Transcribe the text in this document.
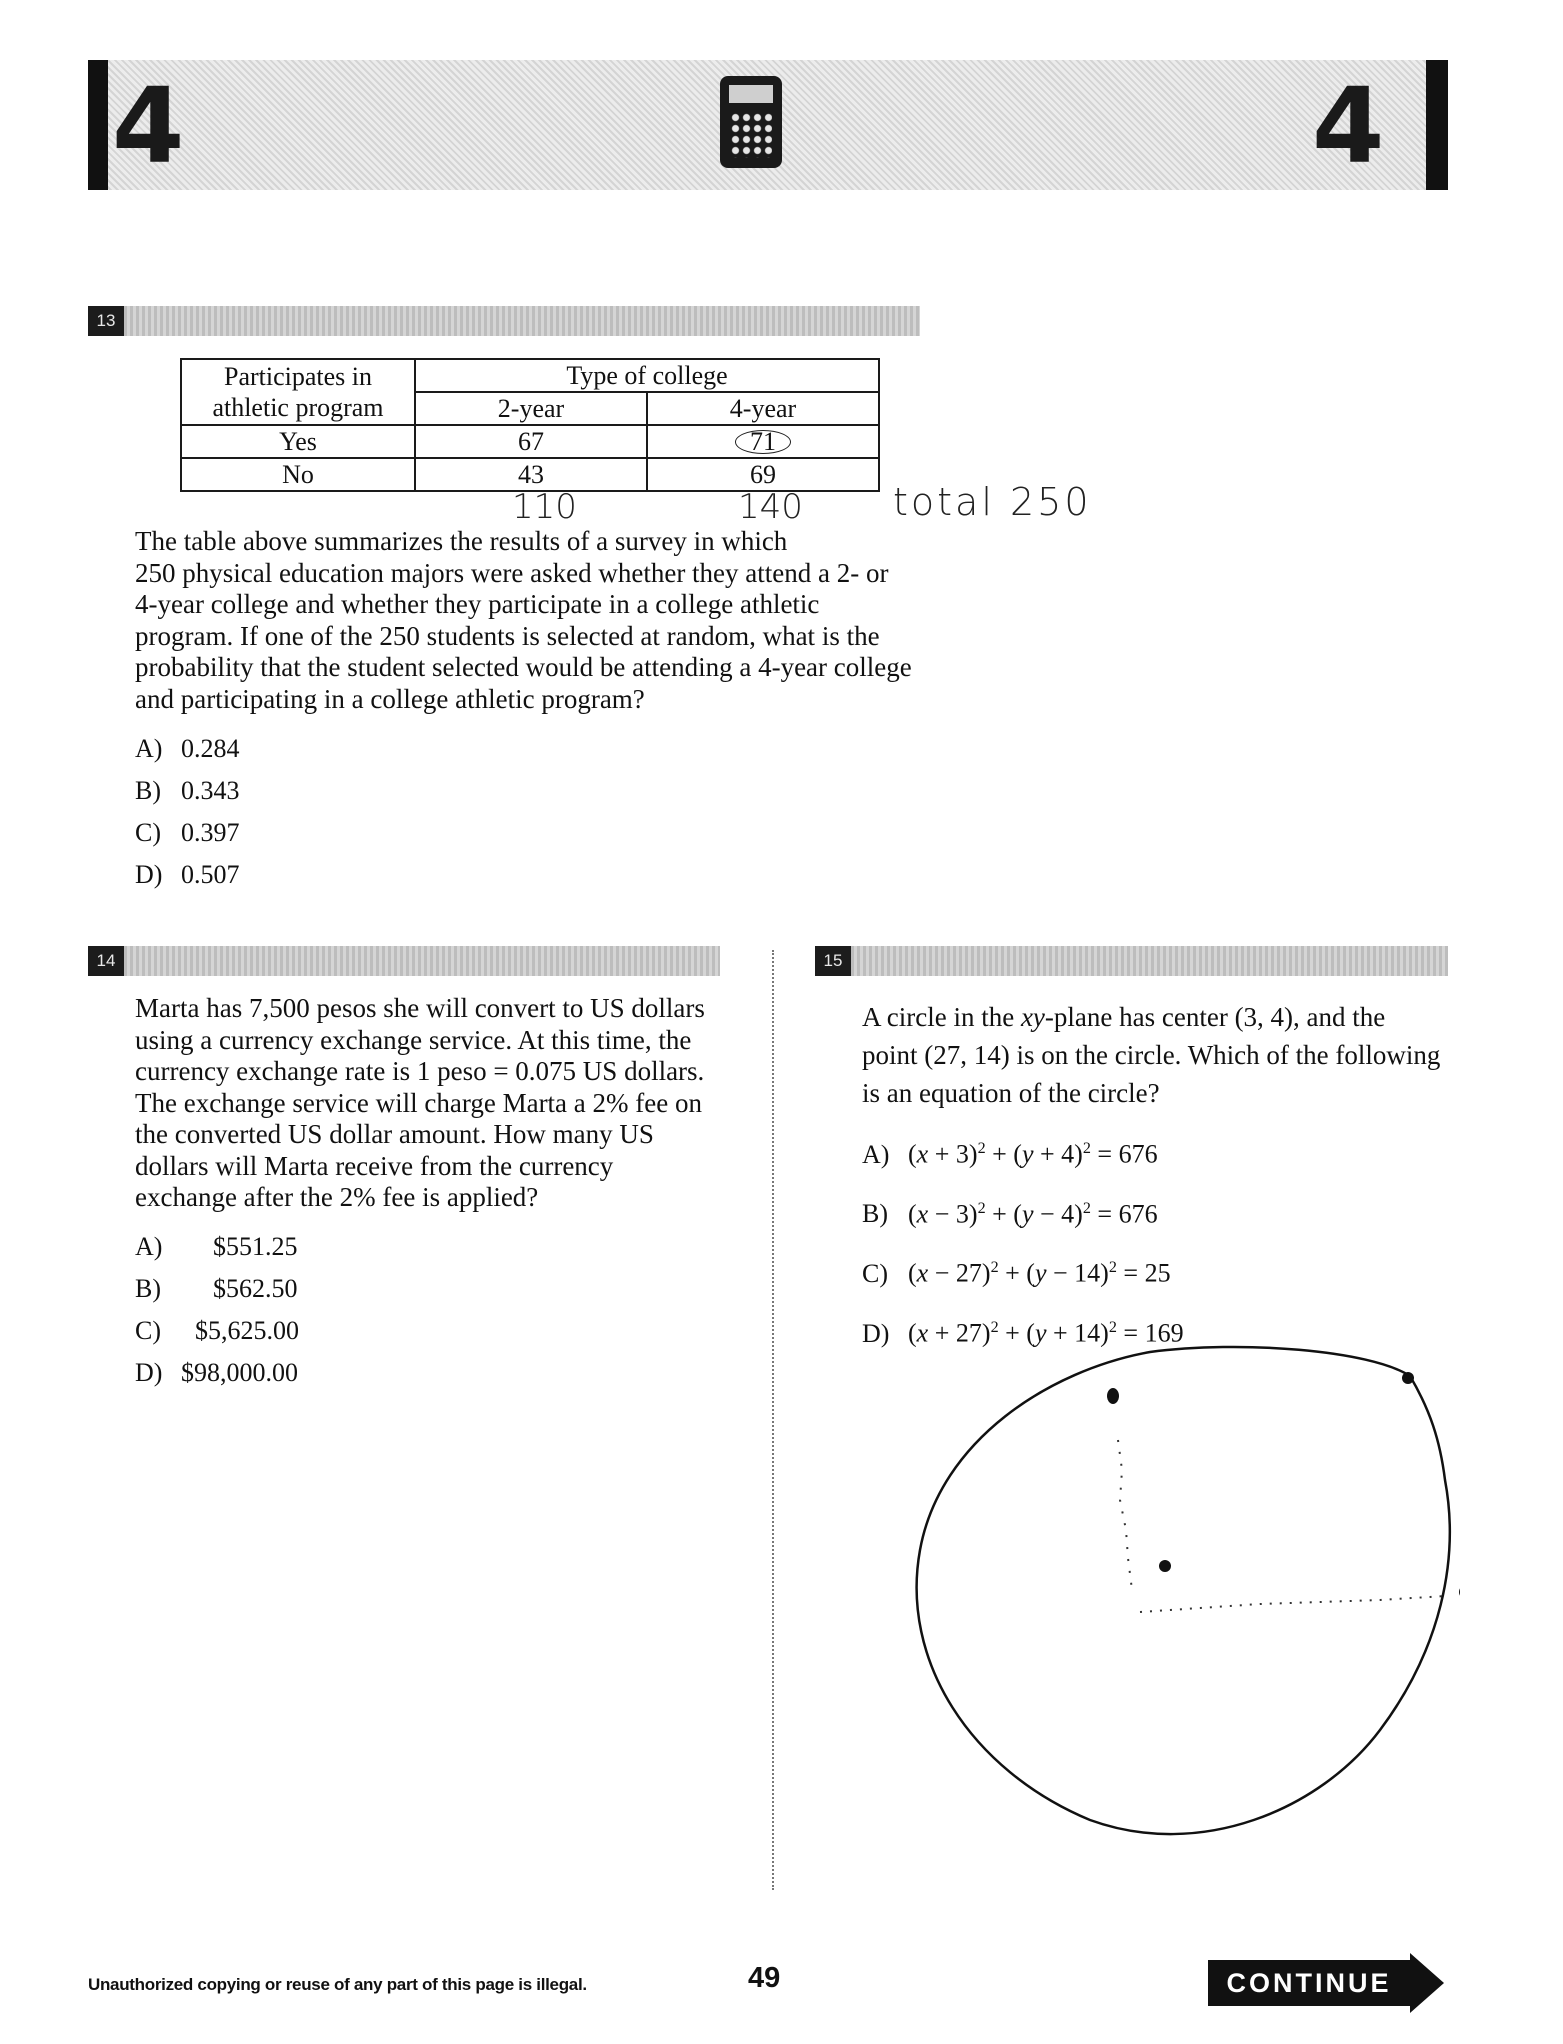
4	4
13
Participates in
athletic program	Type of college	
	2-year	4-year
Yes	67	71
No	43	69
110	140 total 250
The table above summarizes the results of a survey in which
250 physical education majors were asked whether they attend a 2- or
4-year college and whether they participate in a college athletic
program. If one of the 250 students is selected at random, what is the
probability that the student selected would be attending a 4-year college
and participating in a college athletic program?
A) 0.284
B) 0.343
C) 0.397
D) 0.507
14
Marta has 7,500 pesos she will convert to US dollars
using a currency exchange service. At this time, the
currency exchange rate is 1 peso = 0.075 US dollars.
The exchange service will charge Marta a 2% fee on
the converted US dollar amount. How many US
dollars will Marta receive from the currency
exchange after the 2% fee is applied?
A) $551.25
B) $562.50
C) $5,625.00
D) $98,000.00
15
A circle in the xy-plane has center (3, 4), and the
point (27, 14) is on the circle. Which of the following
is an equation of the circle?
A) $(x + 3)^2 + (y + 4)^2 = 676$
B) $(x - 3)^2 + (y - 4)^2 = 676$
C) $(x - 27)^2 + (y - 14)^2 = 25$
D) $(x + 27)^2 + (y + 14)^2 = 169$
Unauthorized copying or reuse of any part of this page is illegal.	49	CONTINUE
